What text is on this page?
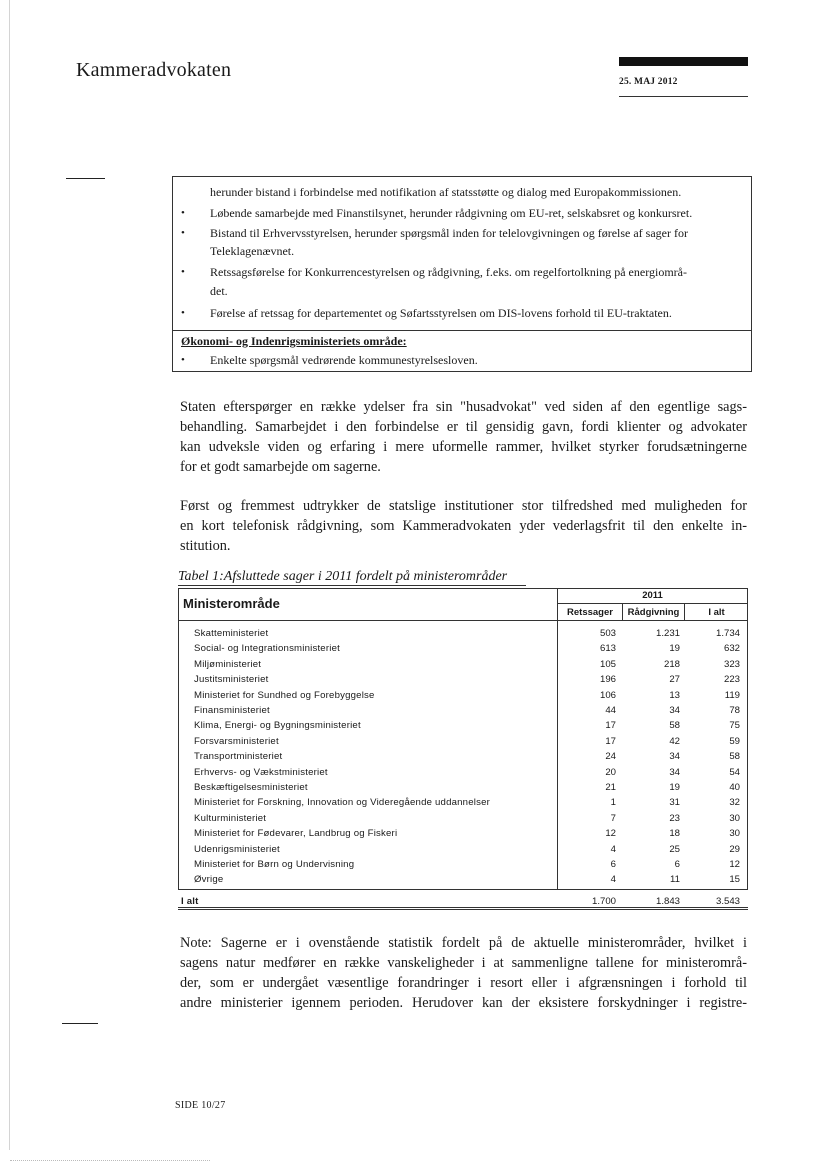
Kammeradvokaten
25. MAJ 2012
herunder bistand i forbindelse med notifikation af statsstøtte og dialog med Europakommissionen.
• Løbende samarbejde med Finanstilsynet, herunder rådgivning om EU-ret, selskabsret og konkursret.
• Bistand til Erhvervsstyrelsen, herunder spørgsmål inden for telelovgivningen og førelse af sager for
Teleklagenævnet.
• Retssagsførelse for Konkurrencestyrelsen og rådgivning, f.eks. om regelfortolkning på energiområ-
det.
• Førelse af retssag for departementet og Søfartsstyrelsen om DIS-lovens forhold til EU-traktaten.
Økonomi- og Indenrigsministeriets område:
• Enkelte spørgsmål vedrørende kommunestyrelsesloven.
Staten efterspørger en række ydelser fra sin "husadvokat" ved siden af den egentlige sags-
behandling. Samarbejdet i den forbindelse er til gensidig gavn, fordi klienter og advokater
kan udveksle viden og erfaring i mere uformelle rammer, hvilket styrker forudsætningerne
for et godt samarbejde om sagerne.
Først og fremmest udtrykker de statslige institutioner stor tilfredshed med muligheden for
en kort telefonisk rådgivning, som Kammeradvokaten yder vederlagsfrit til den enkelte in-
stitution.
Tabel 1:Afsluttede sager i 2011 fordelt på ministerområder
Ministerområde
2011
Retssager	Rådgivning	I alt
Skatteministeriet	503	1.231	1.734
Social- og Integrationsministeriet	613	19	632
Miljøministeriet	105	218	323
Justitsministeriet	196	27	223
Ministeriet for Sundhed og Forebyggelse	106	13	119
Finansministeriet	44	34	78
Klima, Energi- og Bygningsministeriet	17	58	75
Forsvarsministeriet	17	42	59
Transportministeriet	24	34	58
Erhvervs- og Vækstministeriet	20	34	54
Beskæftigelsesministeriet	21	19	40
Ministeriet for Forskning, Innovation og Videregående uddannelser	1	31	32
Kulturministeriet	7	23	30
Ministeriet for Fødevarer, Landbrug og Fiskeri	12	18	30
Udenrigsministeriet	4	25	29
Ministeriet for Børn og Undervisning	6	6	12
Øvrige	4	11	15
I alt	1.700	1.843	3.543
Note: Sagerne er i ovenstående statistik fordelt på de aktuelle ministerområder, hvilket i
sagens natur medfører en række vanskeligheder i at sammenligne tallene for ministerområ-
der, som er undergået væsentlige forandringer i resort eller i afgrænsningen i forhold til
andre ministerier igennem perioden. Herudover kan der eksistere forskydninger i registre-
SIDE 10/27
